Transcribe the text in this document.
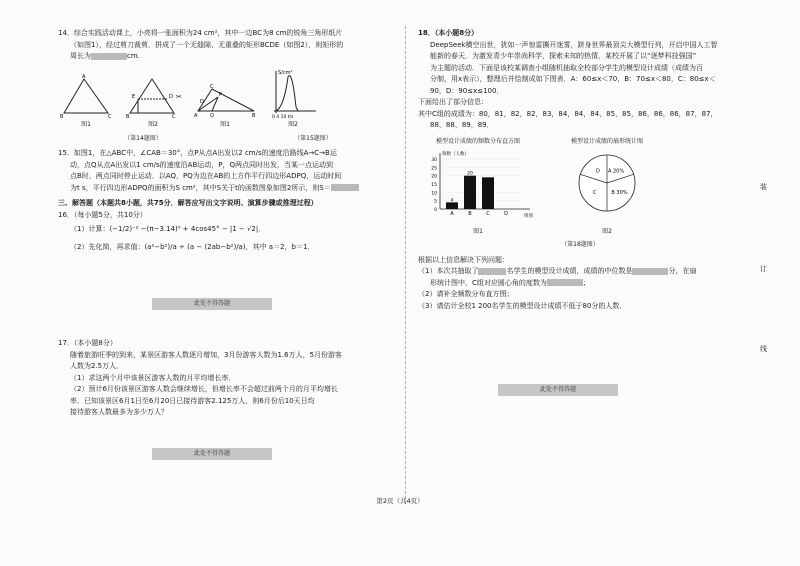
14．综合实践活动课上，小亮将一张面积为24 cm²，其中一边BC为8 cm的锐角三角形纸片

（如图1），经过剪刀裁剪，拼成了一个无缝隙、无重叠的矩形BCDE（如图2），则矩形的

周长为	cm.

B	C
A
图1
E	D ✂
B	C
图2
C
A	Q	B
P
D
图1
S/cm²
0 4 10 t/s
图2
（第14题图）	（第15题图）

15．如图1，在△ABC中，∠CAB＝30°，点P从点A出发以2 cm/s的速度沿路线A→C→B运

动，点Q从点A出发以1 cm/s的速度沿AB运动，P，Q两点同时出发，当某一点运动到

点B时，两点同时停止运动．以AQ，PQ为边在AB的上方作平行四边形ADPQ，运动时间

为t s，平行四边形ADPQ的面积为S cm²，其中S关于t的函数图象如图2所示，则S＝

三、解答题（本题共8小题，共75分．解答应写出文字说明、演算步骤或推理过程）

16．（每小题5分，共10分）

（1）计算：(−1/2)⁻² −(π−3.14)⁰ + 4cos45° − |1 − √2|．

（2）先化简，再求值：(a²−b²)/a ÷ (a − (2ab−b²)/a)，其中 a＝2，b＝1．

此处不得答题

17．（本小题8分）

随着旅游旺季的到来，某景区游客人数逐月增加，3月份游客人数为1.6万人，5月份游客

人数为2.5万人．

（1）求这两个月中该景区游客人数的月平均增长率．

（2）预计6月份该景区游客人数会继续增长，但增长率不会超过前两个月的月平均增长

率．已知该景区6月1日至6月20日已接待游客2.125万人，则6月份后10天日均

接待游客人数最多为多少万人？

此处不得答题

18．（本小题8分）

DeepSeek横空出世，犹如一声惊雷撕开迷雾，跻身世界最顶尖大模型行列，开启中国人工智

能新的春天．为激发青少年崇尚科学，探索未知的热情，某校开展了以“逐梦科技强国”

为主题的活动．下面是该校某调查小组随机抽取全校部分学生的模型设计成绩（成绩为百

分制，用x表示），整理后并绘制成如下图表．A：60≤x＜70，B：70≤x＜80，C：80≤x＜

90，D：90≤x≤100．

下面给出了部分信息：

其中C组的成绩为：80，81，82，82，83，84，84，84，85，85，86，86，86，87，87，

88，88，89，89．

模型设计成绩的频数分布直方图
0
5
10
15
20
25
30
频数（人数）
组别
4
A
20
B	C	D
图1
模型设计成绩的扇形统计图
A 20%
B 30%
C
D
图2
（第18题图）

根据以上信息解决下列问题：

（1）本次共抽取了	名学生的模型设计成绩，成绩的中位数是	分，在扇

形统计图中，C组对应圆心角的度数为	；

（2）请补全频数分布直方图；

（3）请估计全校1 200名学生的模型设计成绩不低于80分的人数．

此处不得答题
装
订
线
第2页（共4页）
